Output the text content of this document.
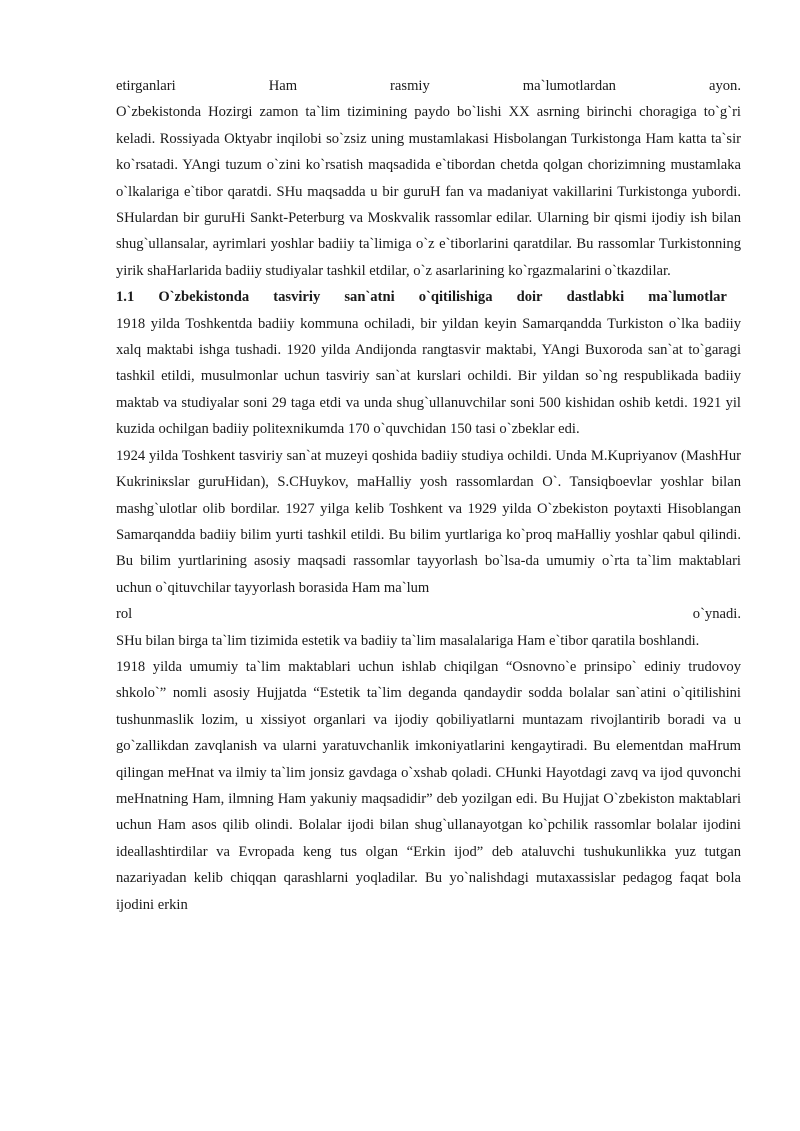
etirganlari	Ham	rasmiy	ma`lumotlardan	ayon.

O`zbekistonda Hozirgi zamon ta`lim tizimining paydo bo`lishi XX asrning birinchi choragiga to`g`ri keladi. Rossiyada Oktyabr inqilobi so`zsiz uning mustamlakasi Hisbolangan Turkistonga Ham katta ta`sir ko`rsatadi. YAngi tuzum o`zini ko`rsatish maqsadida e`tibordan chetda qolgan chorizimning mustamlaka o`lkalariga e`tibor qaratdi. SHu maqsadda u bir guruH fan va madaniyat vakillarini Turkistonga yubordi. SHulardan bir guruHi Sankt-Peterburg va Moskvalik rassomlar edilar. Ularning bir qismi ijodiy ish bilan shug`ullansalar, ayrimlari yoshlar badiiy ta`limiga o`z e`tiborlarini qaratdilar. Bu rassomlar Turkistonning yirik shaHarlarida badiiy studiyalar tashkil etdilar, o`z asarlarining ko`rgazmalarini o`tkazdilar.

1.1 O`zbekistonda tasviriy san`atni o`qitilishiga doir dastlabki ma`lumotlar

1918 yilda Toshkentda badiiy kommuna ochiladi, bir yildan keyin Samarqandda Turkiston o`lka badiiy xalq maktabi ishga tushadi. 1920 yilda Andijonda rangtasvir maktabi, YAngi Buxoroda san`at to`garagi tashkil etildi, musulmonlar uchun tasviriy san`at kurslari ochildi. Bir yildan so`ng respublikada badiiy maktab va studiyalar soni 29 taga etdi va unda shug`ullanuvchilar soni 500 kishidan oshib ketdi. 1921 yil kuzida ochilgan badiiy politexnikumda 170 o`quvchidan 150 tasi o`zbeklar edi.

1924 yilda Toshkent tasviriy san`at muzeyi qoshida badiiy studiya ochildi. Unda M.Kupriyanov (MashHur Kukriniкslar guruHidan), S.CHuykov, maHalliy yosh rassomlardan O`. Tansiqboevlar yoshlar bilan mashg`ulotlar olib bordilar. 1927 yilga kelib Toshkent va 1929 yilda O`zbekiston poytaxti Hisoblangan Samarqandda badiiy bilim yurti tashkil etildi. Bu bilim yurtlariga ko`proq maHalliy yoshlar qabul qilindi. Bu bilim yurtlarining asosiy maqsadi rassomlar tayyorlash bo`lsa-da umumiy o`rta ta`lim maktablari uchun o`qituvchilar tayyorlash borasida Ham ma`lum

rol	o`ynadi.

SHu bilan birga ta`lim tizimida estetik va badiiy ta`lim masalalariga Ham e`tibor qaratila boshlandi.

1918 yilda umumiy ta`lim maktablari uchun ishlab chiqilgan “Osnovno`e prinsipo` ediniy trudovoy shkolo`” nomli asosiy Hujjatda “Estetik ta`lim deganda qandaydir sodda bolalar san`atini o`qitilishini tushunmaslik lozim, u xissiyot organlari va ijodiy qobiliyatlarni muntazam rivojlantirib boradi va u go`zallikdan zavqlanish va ularni yaratuvchanlik imkoniyatlarini kengaytiradi. Bu elementdan maHrum qilingan meHnat va ilmiy ta`lim jonsiz gavdaga o`xshab qoladi. CHunki Hayotdagi zavq va ijod quvonchi meHnatning Ham, ilmning Ham yakuniy maqsadidir” deb yozilgan edi. Bu Hujjat O`zbekiston maktablari uchun Ham asos qilib olindi. Bolalar ijodi bilan shug`ullanayotgan ko`pchilik rassomlar bolalar ijodini ideallashtirdilar va Evropada keng tus olgan “Erkin ijod” deb ataluvchi tushukunlikka yuz tutgan nazariyadan kelib chiqqan qarashlarni yoqladilar. Bu yo`nalishdagi mutaxassislar pedagog faqat bola ijodini erkin
